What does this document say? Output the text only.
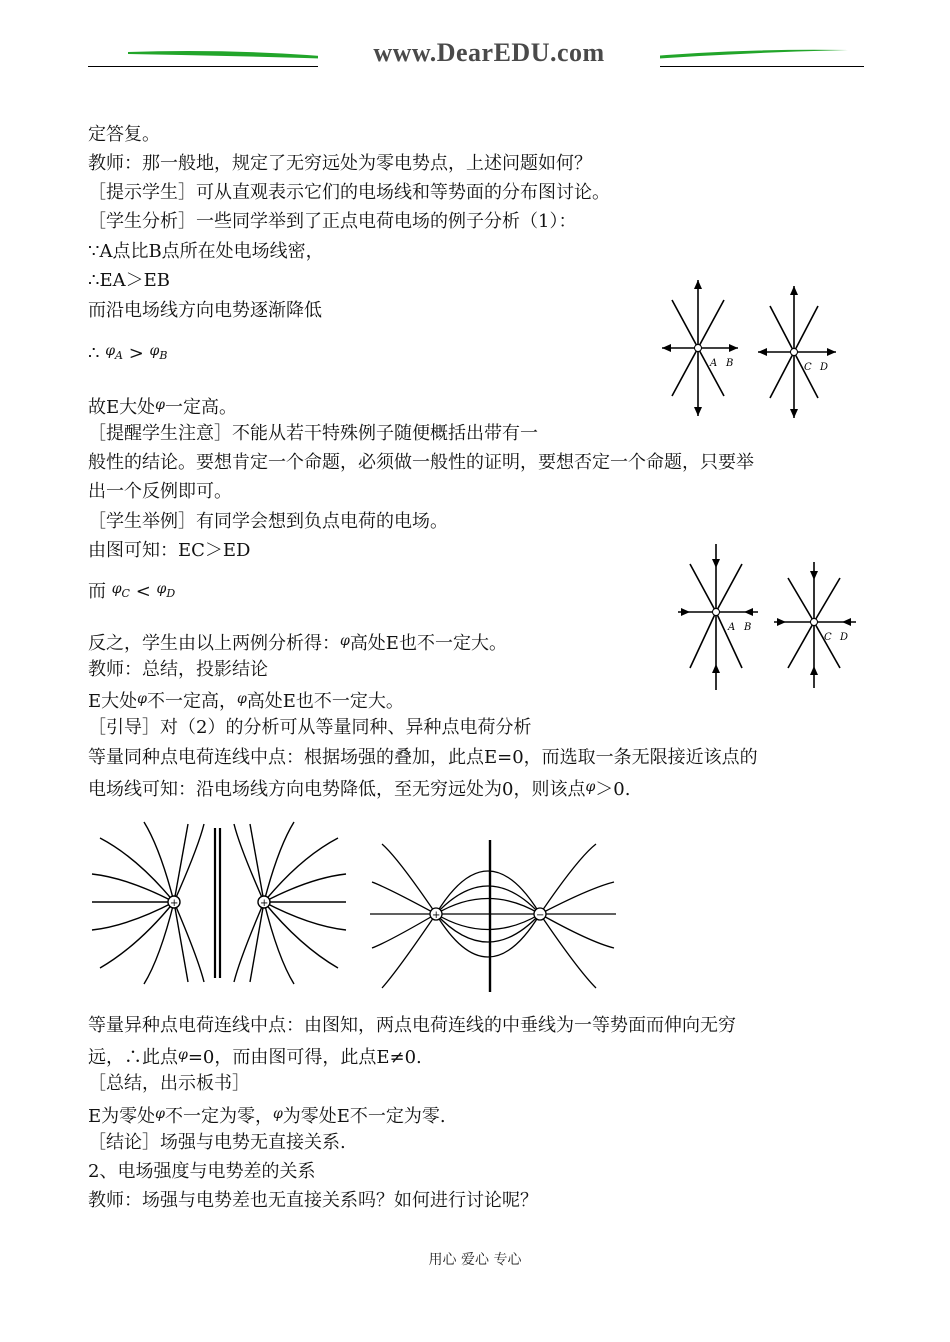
www.DearEDU.com
定答复。
教师：那一般地，规定了无穷远处为零电势点，上述问题如何？
［提示学生］可从直观表示它们的电场线和等势面的分布图讨论。
［学生分析］一些同学举到了正点电荷电场的例子分析（1）：
∵A点比B点所在处电场线密，
∴EA＞EB
而沿电场线方向电势逐渐降低
∴ $^\varphi$A > $^\varphi$B
故E大处$^\varphi$一定高。
［提醒学生注意］不能从若干特殊例子随便概括出带有一
般性的结论。要想肯定一个命题，必须做一般性的证明，要想否定一个命题，只要举
出一个反例即可。
［学生举例］有同学会想到负点电荷的电场。
由图可知：EC＞ED
而 $^\varphi$C < $^\varphi$D
反之，学生由以上两例分析得：$^\varphi$高处E也不一定大。
教师：总结，投影结论
E大处$^\varphi$不一定高，$^\varphi$高处E也不一定大。
［引导］对（2）的分析可从等量同种、异种点电荷分析
等量同种点电荷连线中点：根据场强的叠加，此点E=0，而选取一条无限接近该点的
电场线可知：沿电场线方向电势降低，至无穷远处为0，则该点$^\varphi$＞0.
等量异种点电荷连线中点：由图知，两点电荷连线的中垂线为一等势面而伸向无穷
远，∴此点$^\varphi$=0，而由图可得，此点E≠0.
［总结，出示板书］
E为零处$^\varphi$不一定为零，$^\varphi$为零处E不一定为零.
［结论］场强与电势无直接关系.
2、电场强度与电势差的关系
教师：场强与电势差也无直接关系吗？如何进行讨论呢？
A B	C D
A B
C D
+	+
+	−
用心 爱心 专心
